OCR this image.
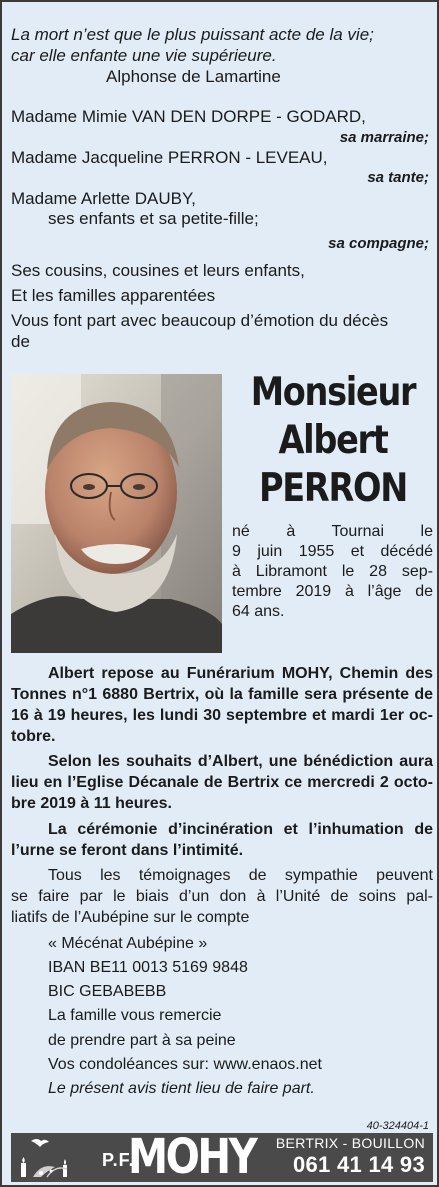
La mort n’est que le plus puissant acte de la vie;
car elle enfante une vie supérieure.
Alphonse de Lamartine
Madame Mimie VAN DEN DORPE - GODARD,
sa marraine;
Madame Jacqueline PERRON - LEVEAU,
sa tante;
Madame Arlette DAUBY,
ses enfants et sa petite-fille;
sa compagne;
Ses cousins, cousines et leurs enfants,
Et les familles apparentées
Vous font part avec beaucoup d’émotion du décès
de
Monsieur
Albert
PERRON
né à Tournai le
9 juin 1955 et décédé
à Libramont le 28 sep-
tembre 2019 à l’âge de
64 ans.
Albert repose au Funérarium MOHY, Chemin des
Tonnes n°1 6880 Bertrix, où la famille sera présente de
16 à 19 heures, les lundi 30 septembre et mardi 1er oc-
tobre.
Selon les souhaits d’Albert, une bénédiction aura
lieu en l’Eglise Décanale de Bertrix ce mercredi 2 octo-
bre 2019 à 11 heures.
La cérémonie d’incinération et l’inhumation de
l’urne se feront dans l’intimité.
Tous les témoignages de sympathie peuvent
se faire par le biais d’un don à l’Unité de soins pal-
liatifs de l’Aubépine sur le compte
« Mécénat Aubépine »
IBAN BE11 0013 5169 9848
BIC GEBABEBB
La famille vous remercie
de prendre part à sa peine
Vos condoléances sur: www.enaos.net
Le présent avis tient lieu de faire part.
40-324404-1
P.F.
MOHY BERTRIX - BOUILLON
061 41 14 93
